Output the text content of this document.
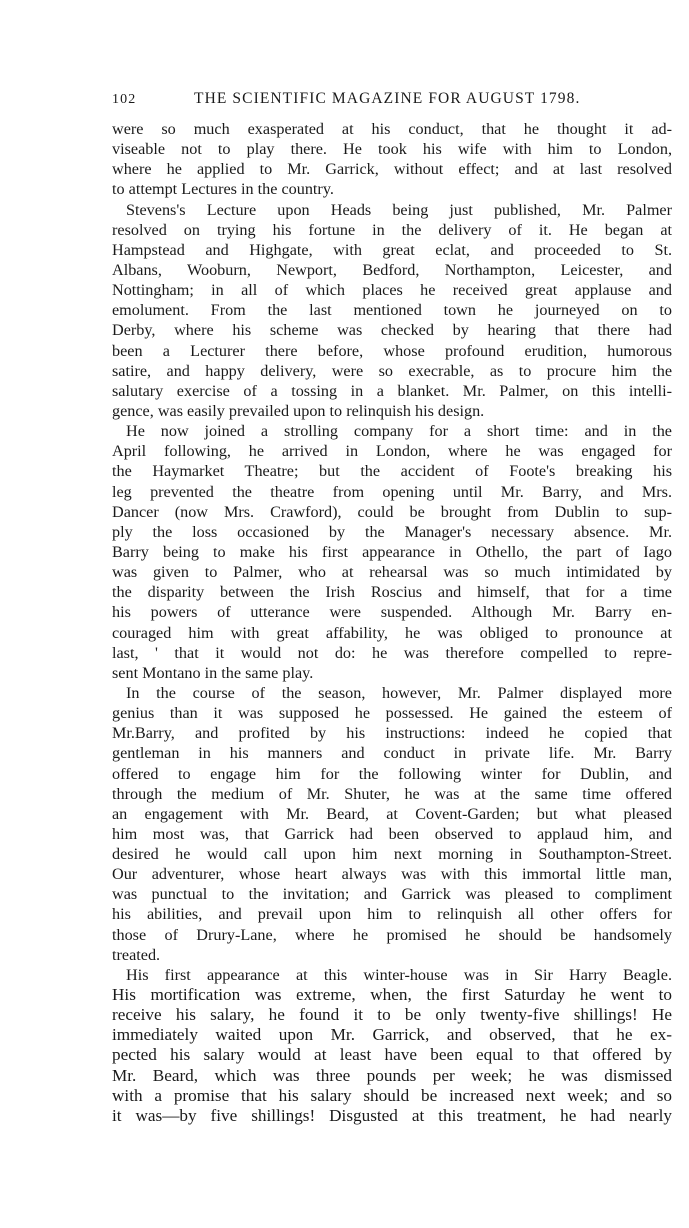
102	THE SCIENTIFIC MAGAZINE FOR AUGUST 1798.
were so much exasperated at his conduct, that he thought it ad-
viseable not to play there. He took his wife with him to London,
where he applied to Mr. Garrick, without effect; and at last resolved
to attempt Lectures in the country.
Stevens's Lecture upon Heads being just published, Mr. Palmer
resolved on trying his fortune in the delivery of it. He began at
Hampstead and Highgate, with great eclat, and proceeded to St.
Albans, Wooburn, Newport, Bedford, Northampton, Leicester, and
Nottingham; in all of which places he received great applause and
emolument. From the last mentioned town he journeyed on to
Derby, where his scheme was checked by hearing that there had
been a Lecturer there before, whose profound erudition, humorous
satire, and happy delivery, were so execrable, as to procure him the
salutary exercise of a tossing in a blanket. Mr. Palmer, on this intelli-
gence, was easily prevailed upon to relinquish his design.
He now joined a strolling company for a short time: and in the
April following, he arrived in London, where he was engaged for
the Haymarket Theatre; but the accident of Foote's breaking his
leg prevented the theatre from opening until Mr. Barry, and Mrs.
Dancer (now Mrs. Crawford), could be brought from Dublin to sup-
ply the loss occasioned by the Manager's necessary absence. Mr.
Barry being to make his first appearance in Othello, the part of Iago
was given to Palmer, who at rehearsal was so much intimidated by
the disparity between the Irish Roscius and himself, that for a time
his powers of utterance were suspended. Although Mr. Barry en-
couraged him with great affability, he was obliged to pronounce at
last, ' that it would not do: he was therefore compelled to repre-
sent Montano in the same play.
In the course of the season, however, Mr. Palmer displayed more
genius than it was supposed he possessed. He gained the esteem of
Mr.Barry, and profited by his instructions: indeed he copied that
gentleman in his manners and conduct in private life. Mr. Barry
offered to engage him for the following winter for Dublin, and
through the medium of Mr. Shuter, he was at the same time offered
an engagement with Mr. Beard, at Covent-Garden; but what pleased
him most was, that Garrick had been observed to applaud him, and
desired he would call upon him next morning in Southampton-Street.
Our adventurer, whose heart always was with this immortal little man,
was punctual to the invitation; and Garrick was pleased to compliment
his abilities, and prevail upon him to relinquish all other offers for
those of Drury-Lane, where he promised he should be handsomely
treated.
His first appearance at this winter-house was in Sir Harry Beagle.
His mortification was extreme, when, the first Saturday he went to
receive his salary, he found it to be only twenty-five shillings! He
immediately waited upon Mr. Garrick, and observed, that he ex-
pected his salary would at least have been equal to that offered by
Mr. Beard, which was three pounds per week; he was dismissed
with a promise that his salary should be increased next week; and so
it was—by five shillings! Disgusted at this treatment, he had nearly
